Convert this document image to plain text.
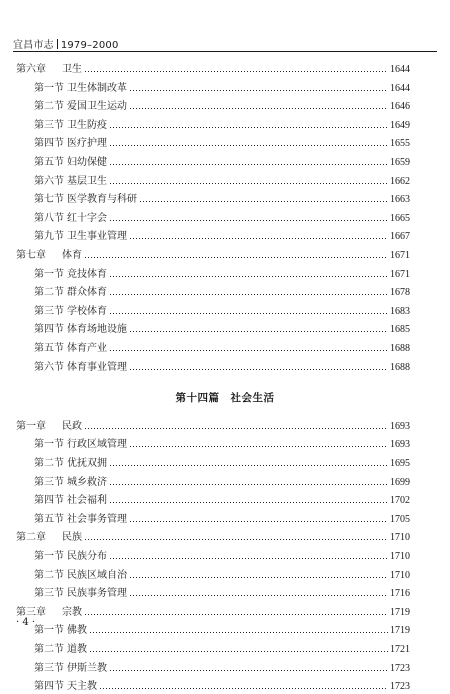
宜昌市志 1979–2000
第六章	卫生	1644
第一节 卫生体制改革	1644
第二节 爱国卫生运动	1646
第三节 卫生防疫	1649
第四节 医疗护理	1655
第五节 妇幼保健	1659
第六节 基层卫生	1662
第七节 医学教育与科研	1663
第八节 红十字会	1665
第九节 卫生事业管理	1667
第七章	体育	1671
第一节 竞技体育	1671
第二节 群众体育	1678
第三节 学校体育	1683
第四节 体育场地设施	1685
第五节 体育产业	1688
第六节 体育事业管理	1688
第十四篇　社会生活
第一章	民政	1693
第一节 行政区域管理	1693
第二节 优抚双拥	1695
第三节 城乡救济	1699
第四节 社会福利	1702
第五节 社会事务管理	1705
第二章	民族	1710
第一节 民族分布	1710
第二节 民族区域自治	1710
第三节 民族事务管理	1716
第三章	宗教	1719
第一节 佛教	1719
第二节 道教	1721
第三节 伊斯兰教	1723
第四节 天主教	1723
· 4 ·
